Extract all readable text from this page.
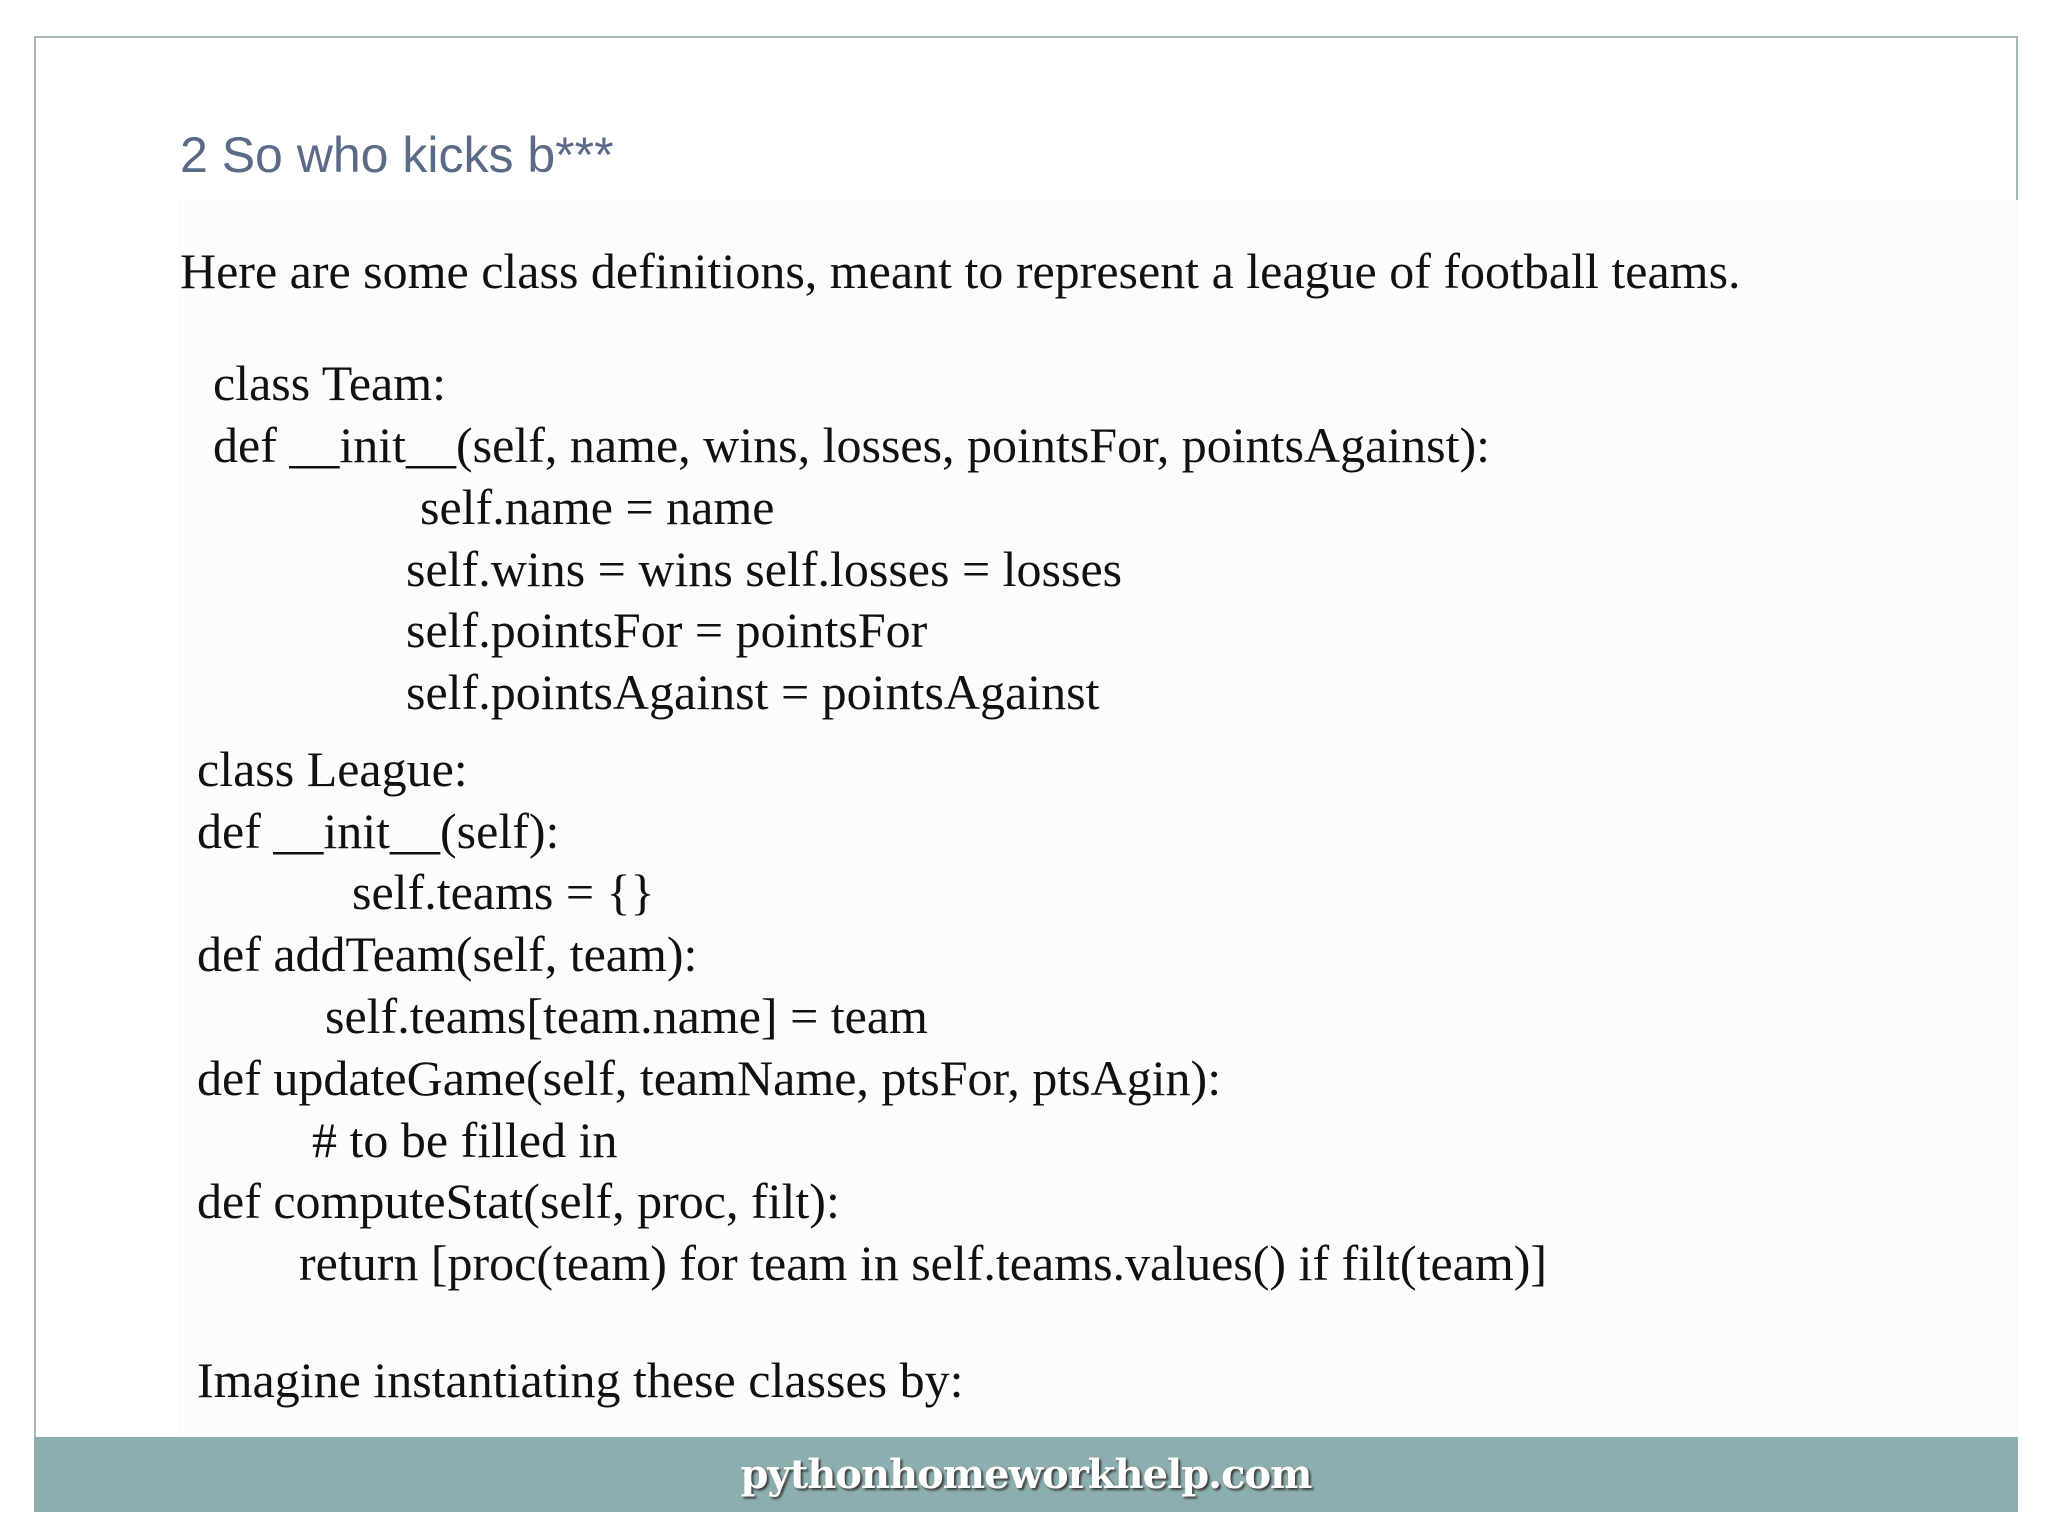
2 So who kicks b***
Here are some class definitions, meant to represent a league of football teams.
class Team:
def __init__(self, name, wins, losses, pointsFor, pointsAgainst):
self.name = name
self.wins = wins self.losses = losses
self.pointsFor = pointsFor
self.pointsAgainst = pointsAgainst
class League:
def __init__(self):
self.teams = {}
def addTeam(self, team):
self.teams[team.name] = team
def updateGame(self, teamName, ptsFor, ptsAgin):
# to be filled in
def computeStat(self, proc, filt):
return [proc(team) for team in self.teams.values() if filt(team)]
Imagine instantiating these classes by:
pythonhomeworkhelp.com
